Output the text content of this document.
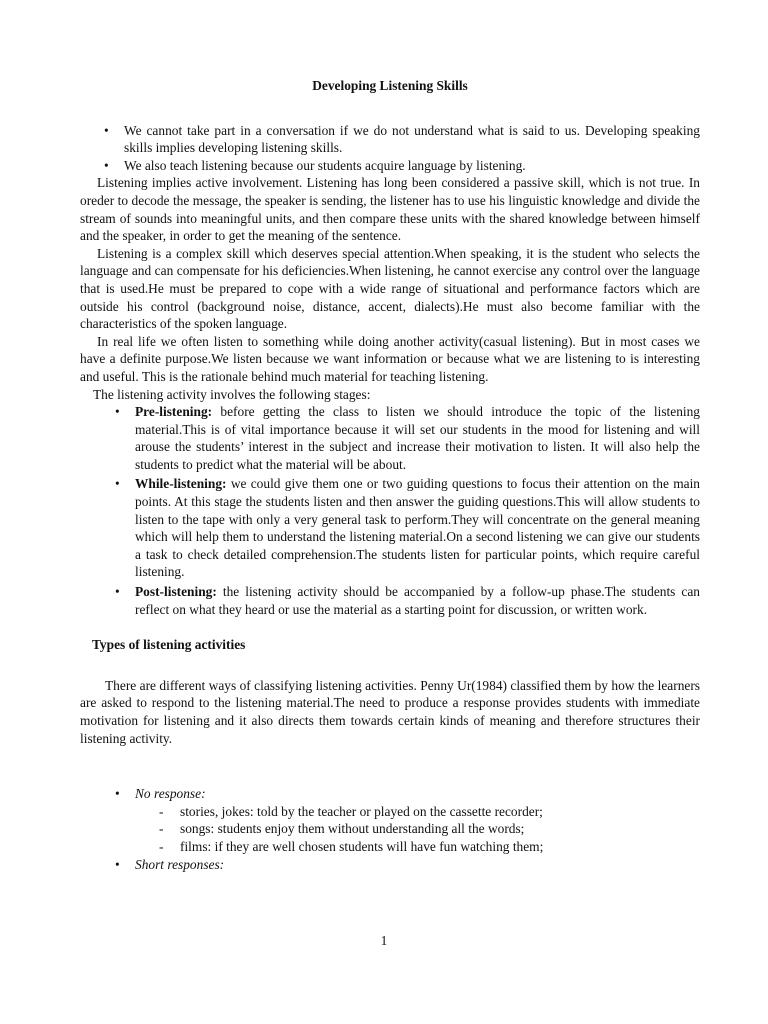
Developing Listening Skills
• We cannot take part in a conversation if we do not understand what is said to us. Developing speaking skills implies developing listening skills.
• We also teach listening because our students acquire language by listening.

Listening implies active involvement. Listening has long been considered a passive skill, which is not true. In oreder to decode the message, the speaker is sending, the listener has to use his linguistic knowledge and divide the stream of sounds into meaningful units, and then compare these units with the shared knowledge between himself and the speaker, in order to get the meaning of the sentence.

Listening is a complex skill which deserves special attention.When speaking, it is the student who selects the language and can compensate for his deficiencies.When listening, he cannot exercise any control over the language that is used.He must be prepared to cope with a wide range of situational and performance factors which are outside his control (background noise, distance, accent, dialects).He must also become familiar with the characteristics of the spoken language.

In real life we often listen to something while doing another activity(casual listening). But in most cases we have a definite purpose.We listen because we want information or because what we are listening to is interesting and useful. This is the rationale behind much material for teaching listening.

The listening activity involves the following stages:

• Pre-listening: before getting the class to listen we should introduce the topic of the listening material.This is of vital importance because it will set our students in the mood for listening and will arouse the students’ interest in the subject and increase their motivation to listen. It will also help the students to predict what the material will be about.
• While-listening: we could give them one or two guiding questions to focus their attention on the main points. At this stage the students listen and then answer the guiding questions.This will allow students to listen to the tape with only a very general task to perform.They will concentrate on the general meaning which will help them to understand the listening material.On a second listening we can give our students a task to check detailed comprehension.The students listen for particular points, which require careful listening.
• Post-listening: the listening activity should be accompanied by a follow-up phase.The students can reflect on what they heard or use the material as a starting point for discussion, or written work.
Types of listening activities

There are different ways of classifying listening activities. Penny Ur(1984) classified them by how the learners are asked to respond to the listening material.The need to produce a response provides students with immediate motivation for listening and it also directs them towards certain kinds of meaning and therefore structures their listening activity.

• No response:
- stories, jokes: told by the teacher or played on the cassette recorder;
- songs: students enjoy them without understanding all the words;
- films: if they are well chosen students will have fun watching them;
• Short responses:
1
